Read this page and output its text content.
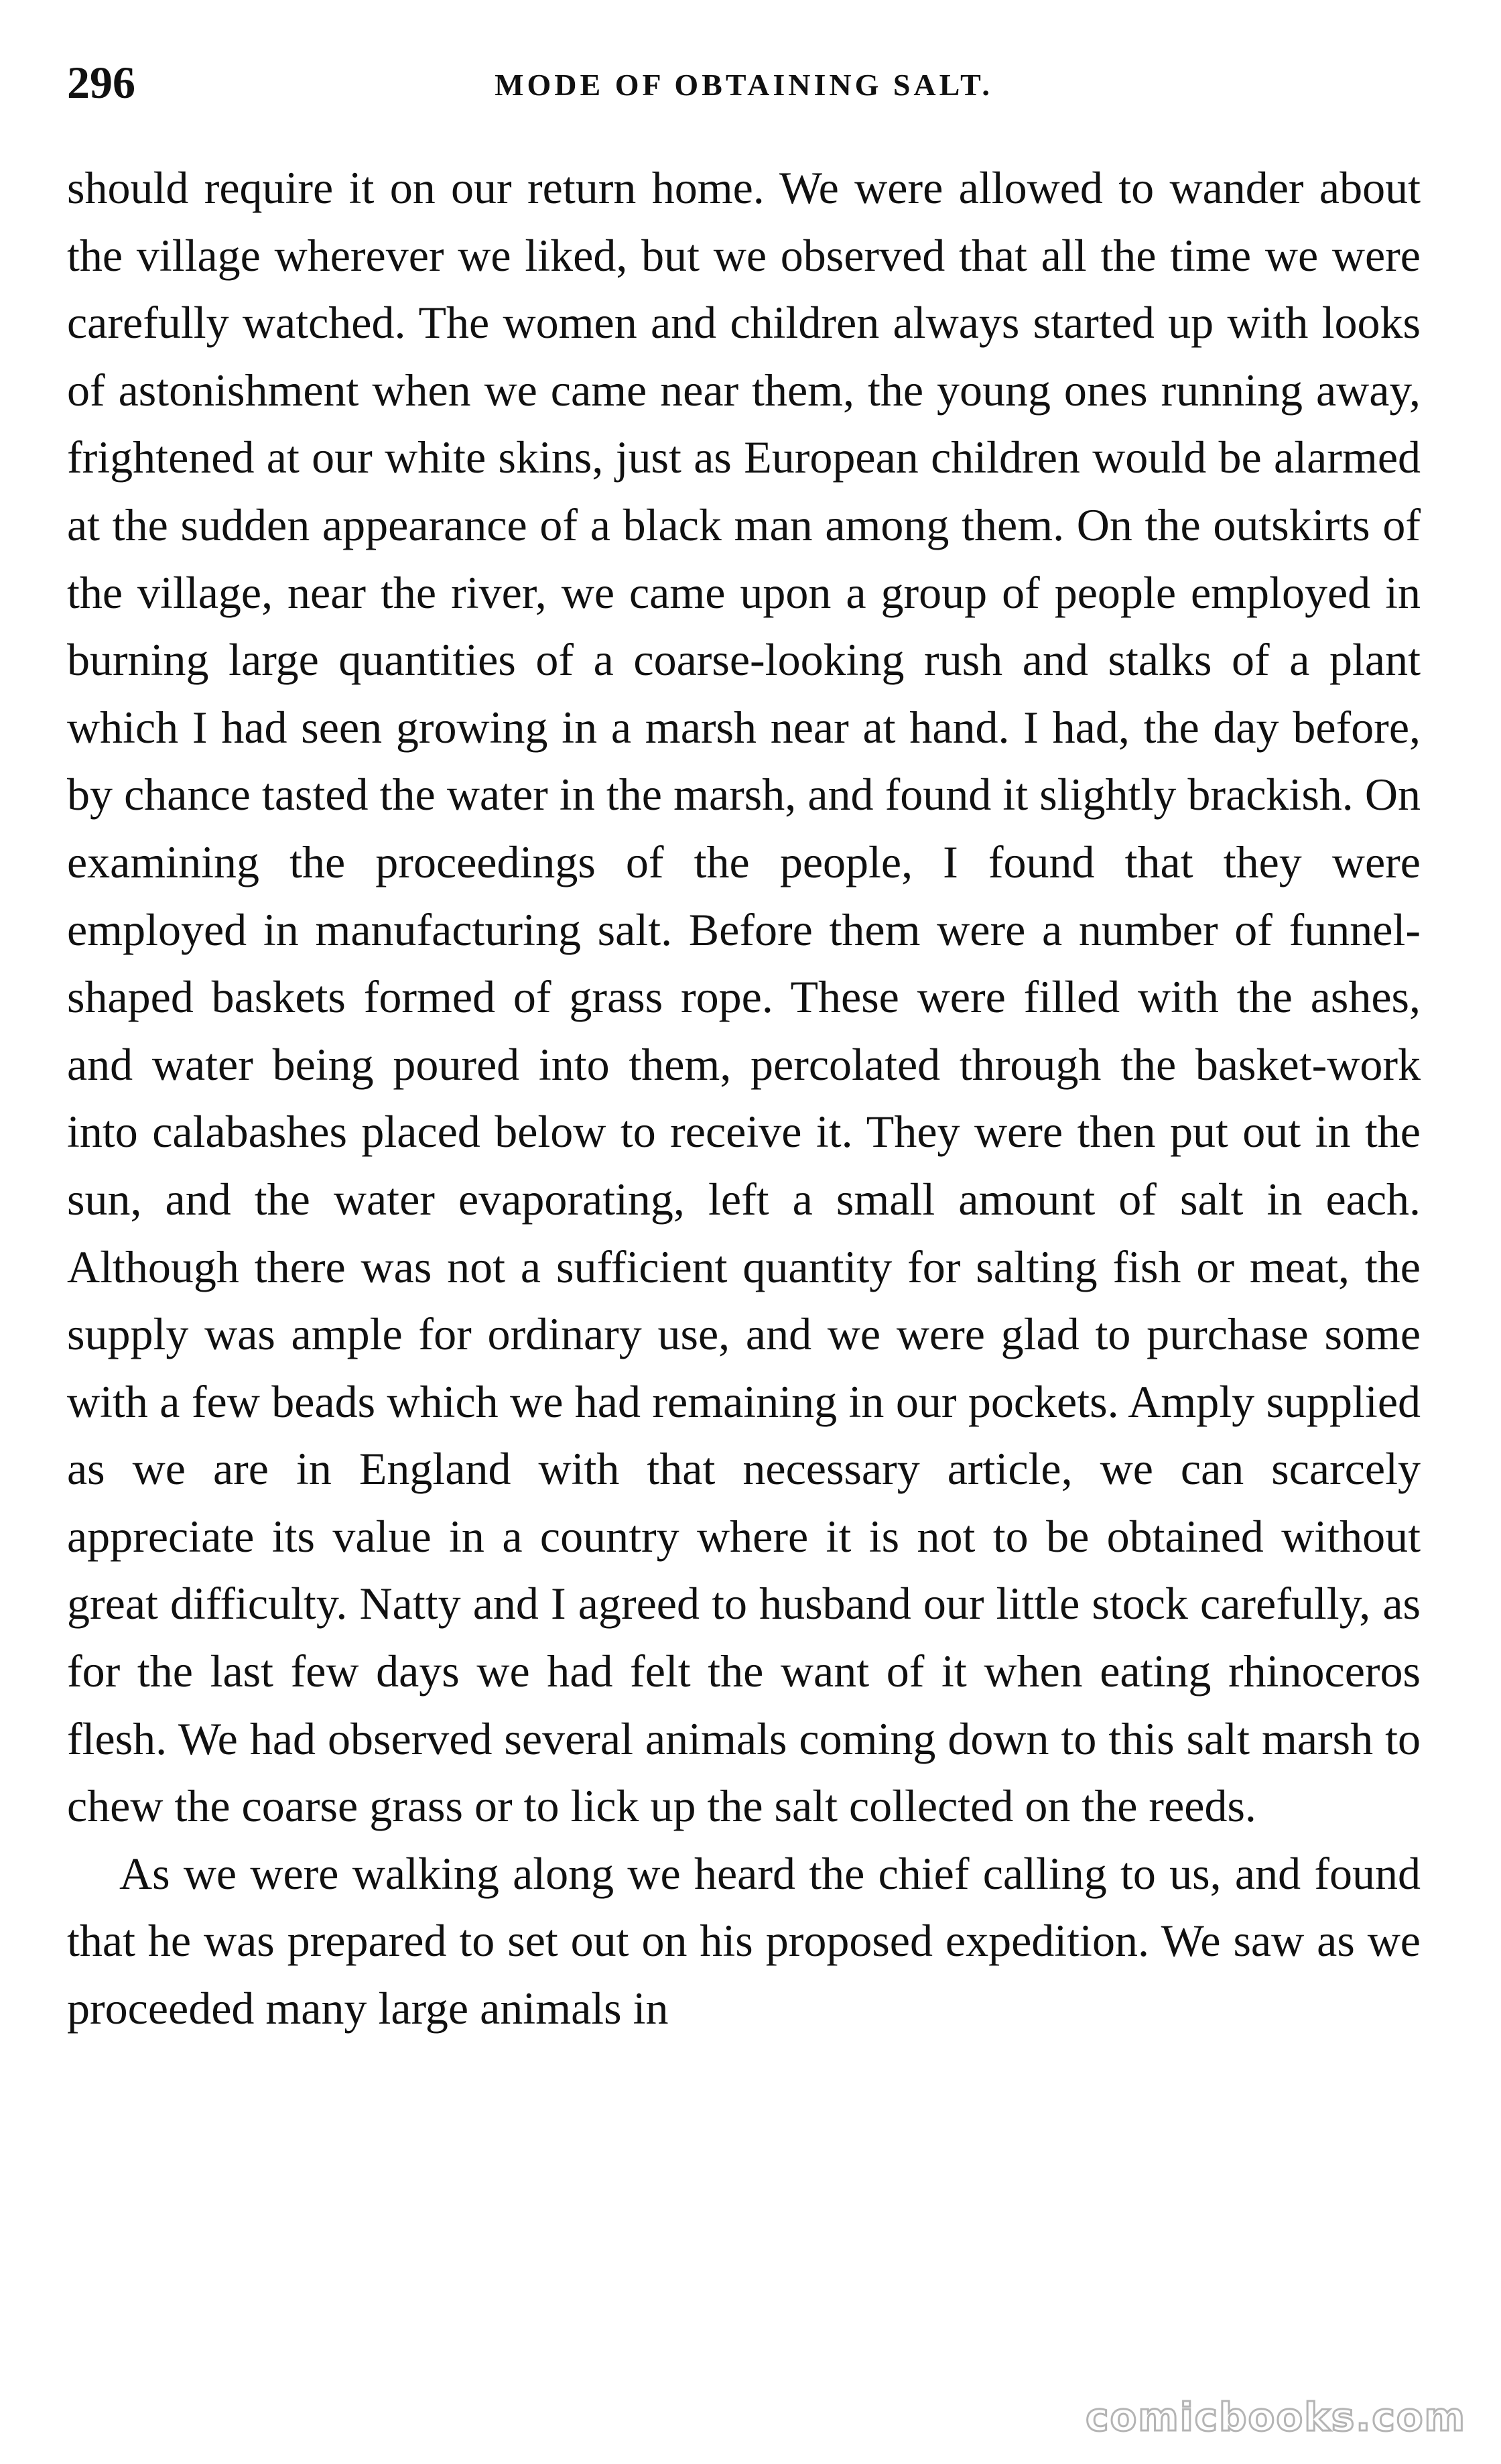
296	MODE OF OBTAINING SALT.

should require it on our return home. We were allowed to wander about the village wherever we liked, but we observed that all the time we were carefully watched. The women and children always started up with looks of astonishment when we came near them, the young ones running away, frightened at our white skins, just as European children would be alarmed at the sudden appearance of a black man among them. On the outskirts of the village, near the river, we came upon a group of people employed in burning large quantities of a coarse-looking rush and stalks of a plant which I had seen growing in a marsh near at hand. I had, the day before, by chance tasted the water in the marsh, and found it slightly brackish. On examining the proceedings of the people, I found that they were employed in manufacturing salt. Before them were a number of funnel-shaped baskets formed of grass rope. These were filled with the ashes, and water being poured into them, percolated through the basket-work into calabashes placed below to receive it. They were then put out in the sun, and the water evaporating, left a small amount of salt in each. Although there was not a sufficient quantity for salting fish or meat, the supply was ample for ordinary use, and we were glad to purchase some with a few beads which we had remaining in our pockets. Amply supplied as we are in England with that necessary article, we can scarcely appreciate its value in a country where it is not to be obtained without great difficulty. Natty and I agreed to husband our little stock carefully, as for the last few days we had felt the want of it when eating rhinoceros flesh. We had observed several animals coming down to this salt marsh to chew the coarse grass or to lick up the salt collected on the reeds.

As we were walking along we heard the chief calling to us, and found that he was prepared to set out on his proposed expedition. We saw as we proceeded many large animals in

comicbooks.com
